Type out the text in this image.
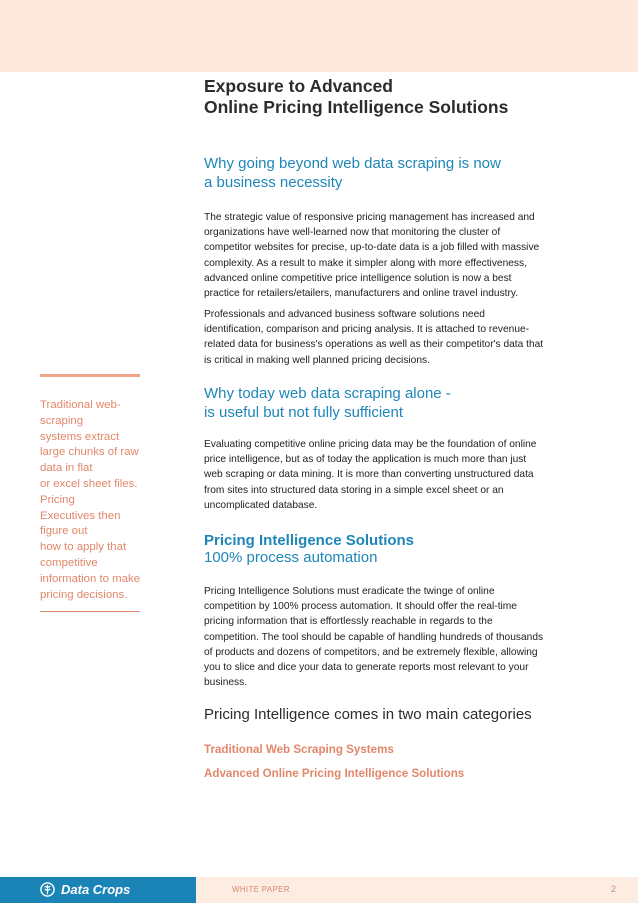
Traditional web-
scraping
systems extract
large chunks of raw
data in flat
or excel sheet files.
Pricing
Executives then
figure out
how to apply that
competitive
information to make
pricing decisions.
Exposure to Advanced
Online Pricing Intelligence Solutions
Why going beyond web data scraping is now
a business necessity
The strategic value of responsive pricing management has increased and
organizations have well-learned now that monitoring the cluster of
competitor websites for precise, up-to-date data is a job filled with massive
complexity. As a result to make it simpler along with more effectiveness,
advanced online competitive price intelligence solution is now a best
practice for retailers/etailers, manufacturers and online travel industry.
Professionals and advanced business software solutions need
identification, comparison and pricing analysis. It is attached to revenue-
related data for business's operations as well as their competitor's data that
is critical in making well planned pricing decisions.
Why today web data scraping alone -
is useful but not fully sufficient
Evaluating competitive online pricing data may be the foundation of online
price intelligence, but as of today the application is much more than just
web scraping or data mining. It is more than converting unstructured data
from sites into structured data storing in a simple excel sheet or an
uncomplicated database.
Pricing Intelligence Solutions
100% process automation
Pricing Intelligence Solutions must eradicate the twinge of online
competition by 100% process automation. It should offer the real-time
pricing information that is effortlessly reachable in regards to the
competition. The tool should be capable of handling hundreds of thousands
of products and dozens of competitors, and be extremely flexible, allowing
you to slice and dice your data to generate reports most relevant to your
business.
Pricing Intelligence comes in two main categories
Traditional Web Scraping Systems
Advanced Online Pricing Intelligence Solutions
Data Crops	WHITE PAPER	2
